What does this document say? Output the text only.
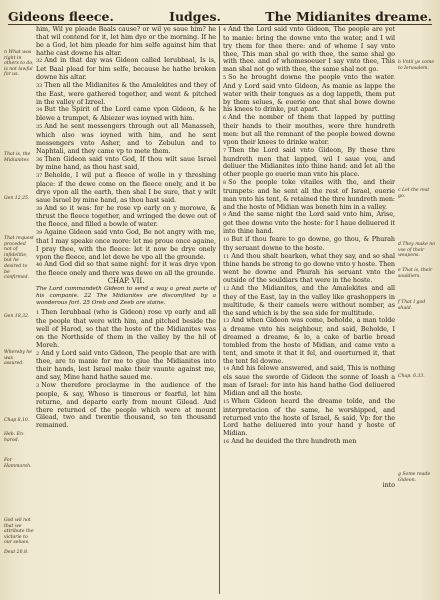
Gideons fleece.	Iudges.	The Midianites dreame.
n What was right in others to do, is not lawful for us.
That is, the Midianites
Gen 12,25.
That request proceded not of infidelitie, but he desired to be confirmed.
Gen 18,32.
Whereby he was assured.
Chap 8,10.
Heb. En-harod.
For Hammoreh.
God wil not that we attribute the victorie to our selues.
Deut 20,8.
b Vntil ye come to Ierusalem.
c Let the rest go.
d They make no vse of their weapons.
e That is, their souldiers.
f That I god shuld.
Chap. 6.33.
g Some reade Gideon.

him, Wil ye pleade Baals cause? or wil ye saue him? he that wil contend for it, let him dye or the morning. If he be a God, let him pleade for him selfe against him that hathe cast downe his altar.

32 And in that day was Gideon called Ierubbaal, Is is, Let Baal plead for him selfe, because he hathe broken downe his altar.

33 Then all the Midianites & the Amalekites and they of the East, were gathered together, and went & pitched in the valley of Izreel.

34 But the Spirit of the Lord came vpon Gideon, & he blewe a trumpet, & Abiezer was ioyned with him.

35 And he sent messengers through out all Manasseh, which also was ioyned with him, and he sent messengers vnto Asher, and to Zebulun and to Naphtali, and they came vp to mete them.

36 Then Gideon said vnto God, If thou wilt saue Israel by mine hand, as thou hast said,

37 Beholde, I wil put a fleece of wolle in y threshing place: if the dewe come on the fleece onely, and it be drye vpon all the earth, then shal I be sure, that y wilt saue Israel by mine hand, as thou hast said.

38 And so it was: for he rose vp early on y morowe, & thrust the fleece together, and wringed the dewe out of the fleece, and filled a bowle of water.

39 Againe Gideon said vnto God, Be not angry with me, that I may speake once more: let me proue once againe, I pray thee, with the fleece: let it now be drye onely vpon the fleece, and let dewe be vpo all the grounde.

40 And God did so that same night: for it was drye vpon the fleece onely and there was dewe on all the grounde.

CHAP. VII.

The Lord commandeth Gideon to send a way a great parte of his companie. 22 The Midianites are discomfited by a wonderous fort. 25 Oreb and Zeeb are slaine.

1 Then Ierubbaal (who is Gideon) rose vp early and all the people that were with him, and pitched beside the well of Harod, so that the hoste of the Midianites was on the Northside of them in the valley by the hil of Moreh.

2 And y Lord said vnto Gideon, The people that are with thee, are to manie for me to giue the Midianites into their hands, lest Israel make their vaunte against me, and say, Mine hand hathe saued me.

3 Now therefore proclayme in the audience of the people, & say, Whoso is timerous or fearful, let him returne, and departe early from mount Gilead. And there returned of the people which were at mount Gilead, two and twentie thousand, so ten thousand remained.

4 And the Lord said vnto Gideon, The people are yet to manie: bring the downe vnto the water, and I wil try them for thee there: and of whome I say vnto thee, This man shal go with thee, the same shal go with thee. and of whomesoeuer I say vnto thee, This man shal not go with thee, the same shal not go.

5 So he brought downe the people vnto the water. And y Lord said vnto Gideon, As manie as lappe the water with their tongues as a dog lappeth, them put by them selues, & euerie one that shal bowe downe his knees to drinke, put apart.

6 And the nomber of them that lapped by putting their hands to their mouthes, were thre hundreth men: but all the remnant of the people bowed downe vpon their knees to drinke water.

7 Then the Lord said vnto Gideon, By these thre hundreth men that lapped, wil I saue you, and deliuer the Midianites into thine hand: and let all the other people go euerie man vnto his place.

8 So the people toke vitailes with the, and their trumpets: and he sent all the rest of Israel, euerie man vnto his tent, & retained the thre hundreth men: and the hoste of Midian was beneth him in a valley.

9 And the same night the Lord said vnto him, Arise, get thee downe vnto the hoste: for I haue deliuered it into thine hand.

10 But if thou feare to go downe, go thou, & Phurah thy seruant downe to the hoste.

11 And thou shalt hearken, what they say, and so shal thine hands be strong to go downe vnto y hoste. Then went he downe and Phurah his seruant vnto the outside of the souldiars that were in the hoste.

12 And the Midianites, and the Amalekites and all they of the East, lay in the valley like grashoppers in multitude, & their camels were without nomber, as the sand which is by the sea side for multitude.

13 And when Gideon was come, beholde, a man tolde a dreame vnto his neighbour, and said, Beholde, I dreamed a dreame, & lo, a cake of barlie bread tombled from the hoste of Midian, and came vnto a tent, and smote it that it fel, and ouerturned it, that the tent fel downe.

14 And his felowe answered, and said, This is nothing els saue the sworde of Gideon the sonne of Ioash a man of Israel: for into his hand hathe God deliuered Midian and all the hoste.

15 When Gideon heard the dreame tolde, and the interpretacion of the same, he worshipped, and returned vnto the hoste of Israel, & said, Vp: for the Lord hathe deliuered into your hand y hoste of Midian.

16 And he deuided the thre hundreth men

into
